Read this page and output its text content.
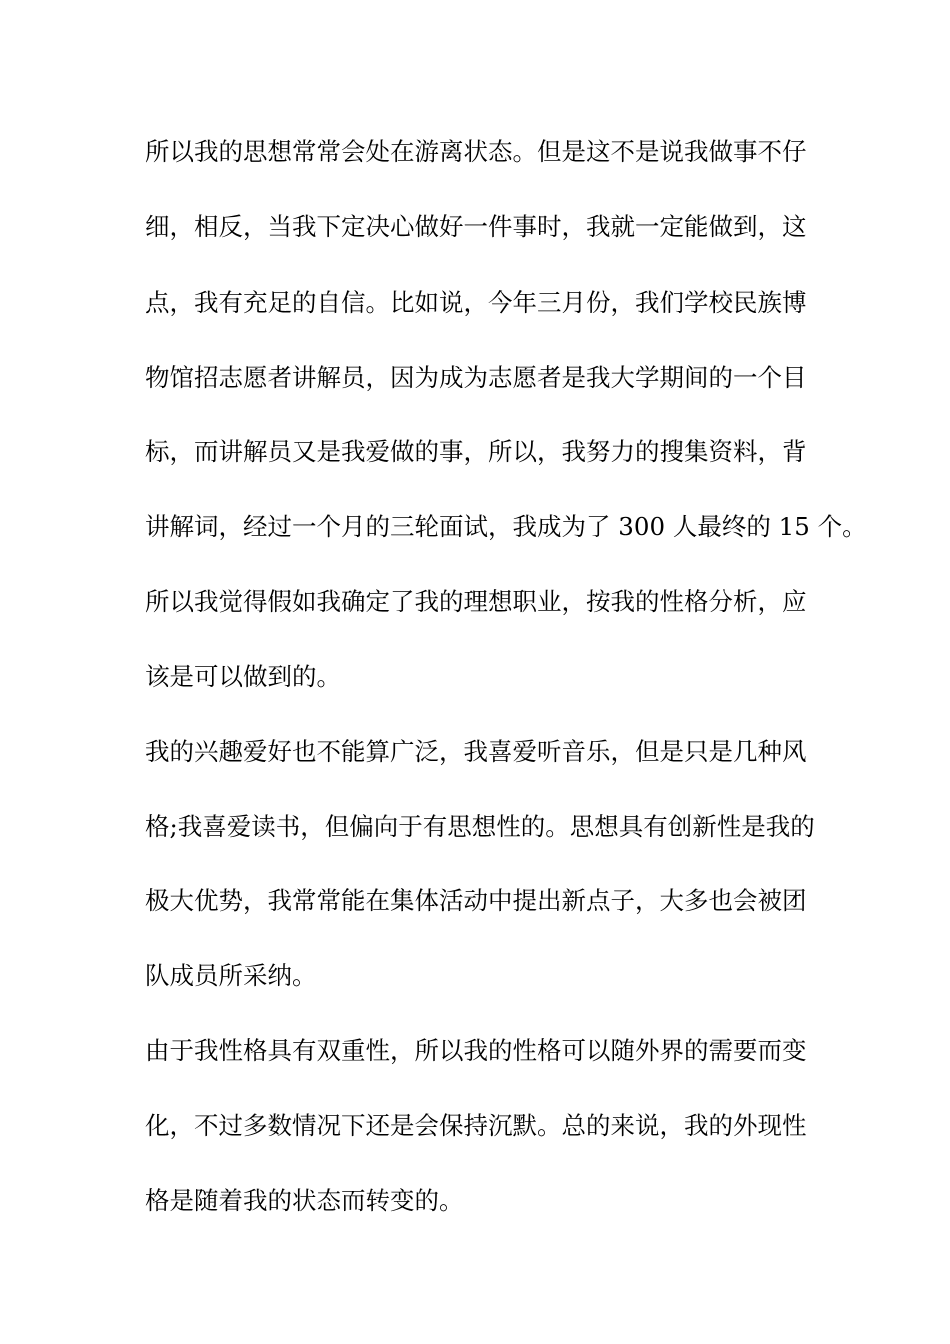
所以我的思想常常会处在游离状态。但是这不是说我做事不仔
细，相反，当我下定决心做好一件事时，我就一定能做到，这
点，我有充足的自信。比如说，今年三月份，我们学校民族博
物馆招志愿者讲解员，因为成为志愿者是我大学期间的一个目
标，而讲解员又是我爱做的事，所以，我努力的搜集资料，背
讲解词，经过一个月的三轮面试，我成为了 300 人最终的 15 个。
所以我觉得假如我确定了我的理想职业，按我的性格分析，应
该是可以做到的。
我的兴趣爱好也不能算广泛，我喜爱听音乐，但是只是几种风
格;我喜爱读书，但偏向于有思想性的。思想具有创新性是我的
极大优势，我常常能在集体活动中提出新点子，大多也会被团
队成员所采纳。
由于我性格具有双重性，所以我的性格可以随外界的需要而变
化，不过多数情况下还是会保持沉默。总的来说，我的外现性
格是随着我的状态而转变的。
